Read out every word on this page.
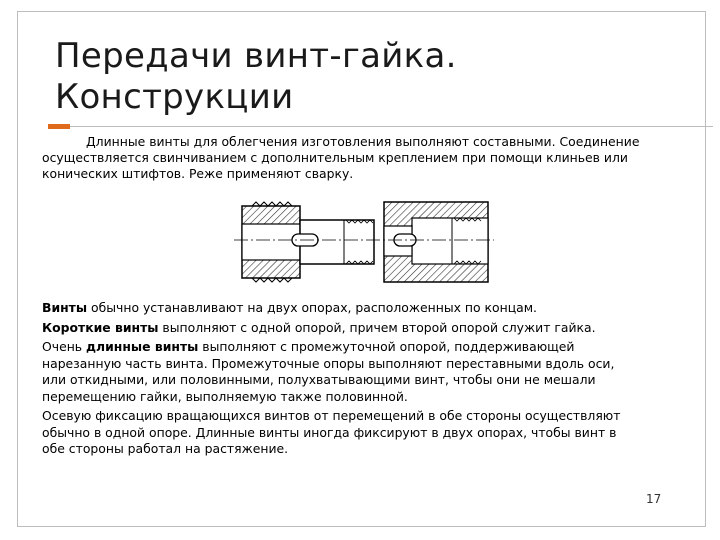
Передачи винт-гайка.
Конструкции
Длинные винты для облегчения изготовления выполняют составными. Соединение
осуществляется свинчиванием с дополнительным креплением при помощи клиньев или
конических штифтов. Реже применяют сварку.

Винты обычно устанавливают на двух опорах, расположенных по концам.

Короткие винты выполняют с одной опорой, причем второй опорой служит гайка.

Очень длинные винты выполняют с промежуточной опорой, поддерживающей
нарезанную часть винта. Промежуточные опоры выполняют переставными вдоль оси,
или откидными, или половинными, полухватывающими винт, чтобы они не мешали
перемещению гайки, выполняемую также половинной.

Осевую фиксацию вращающихся винтов от перемещений в обе стороны осуществляют
обычно в одной опоре. Длинные винты иногда фиксируют в двух опорах, чтобы винт в
обе стороны работал на растяжение.

17
